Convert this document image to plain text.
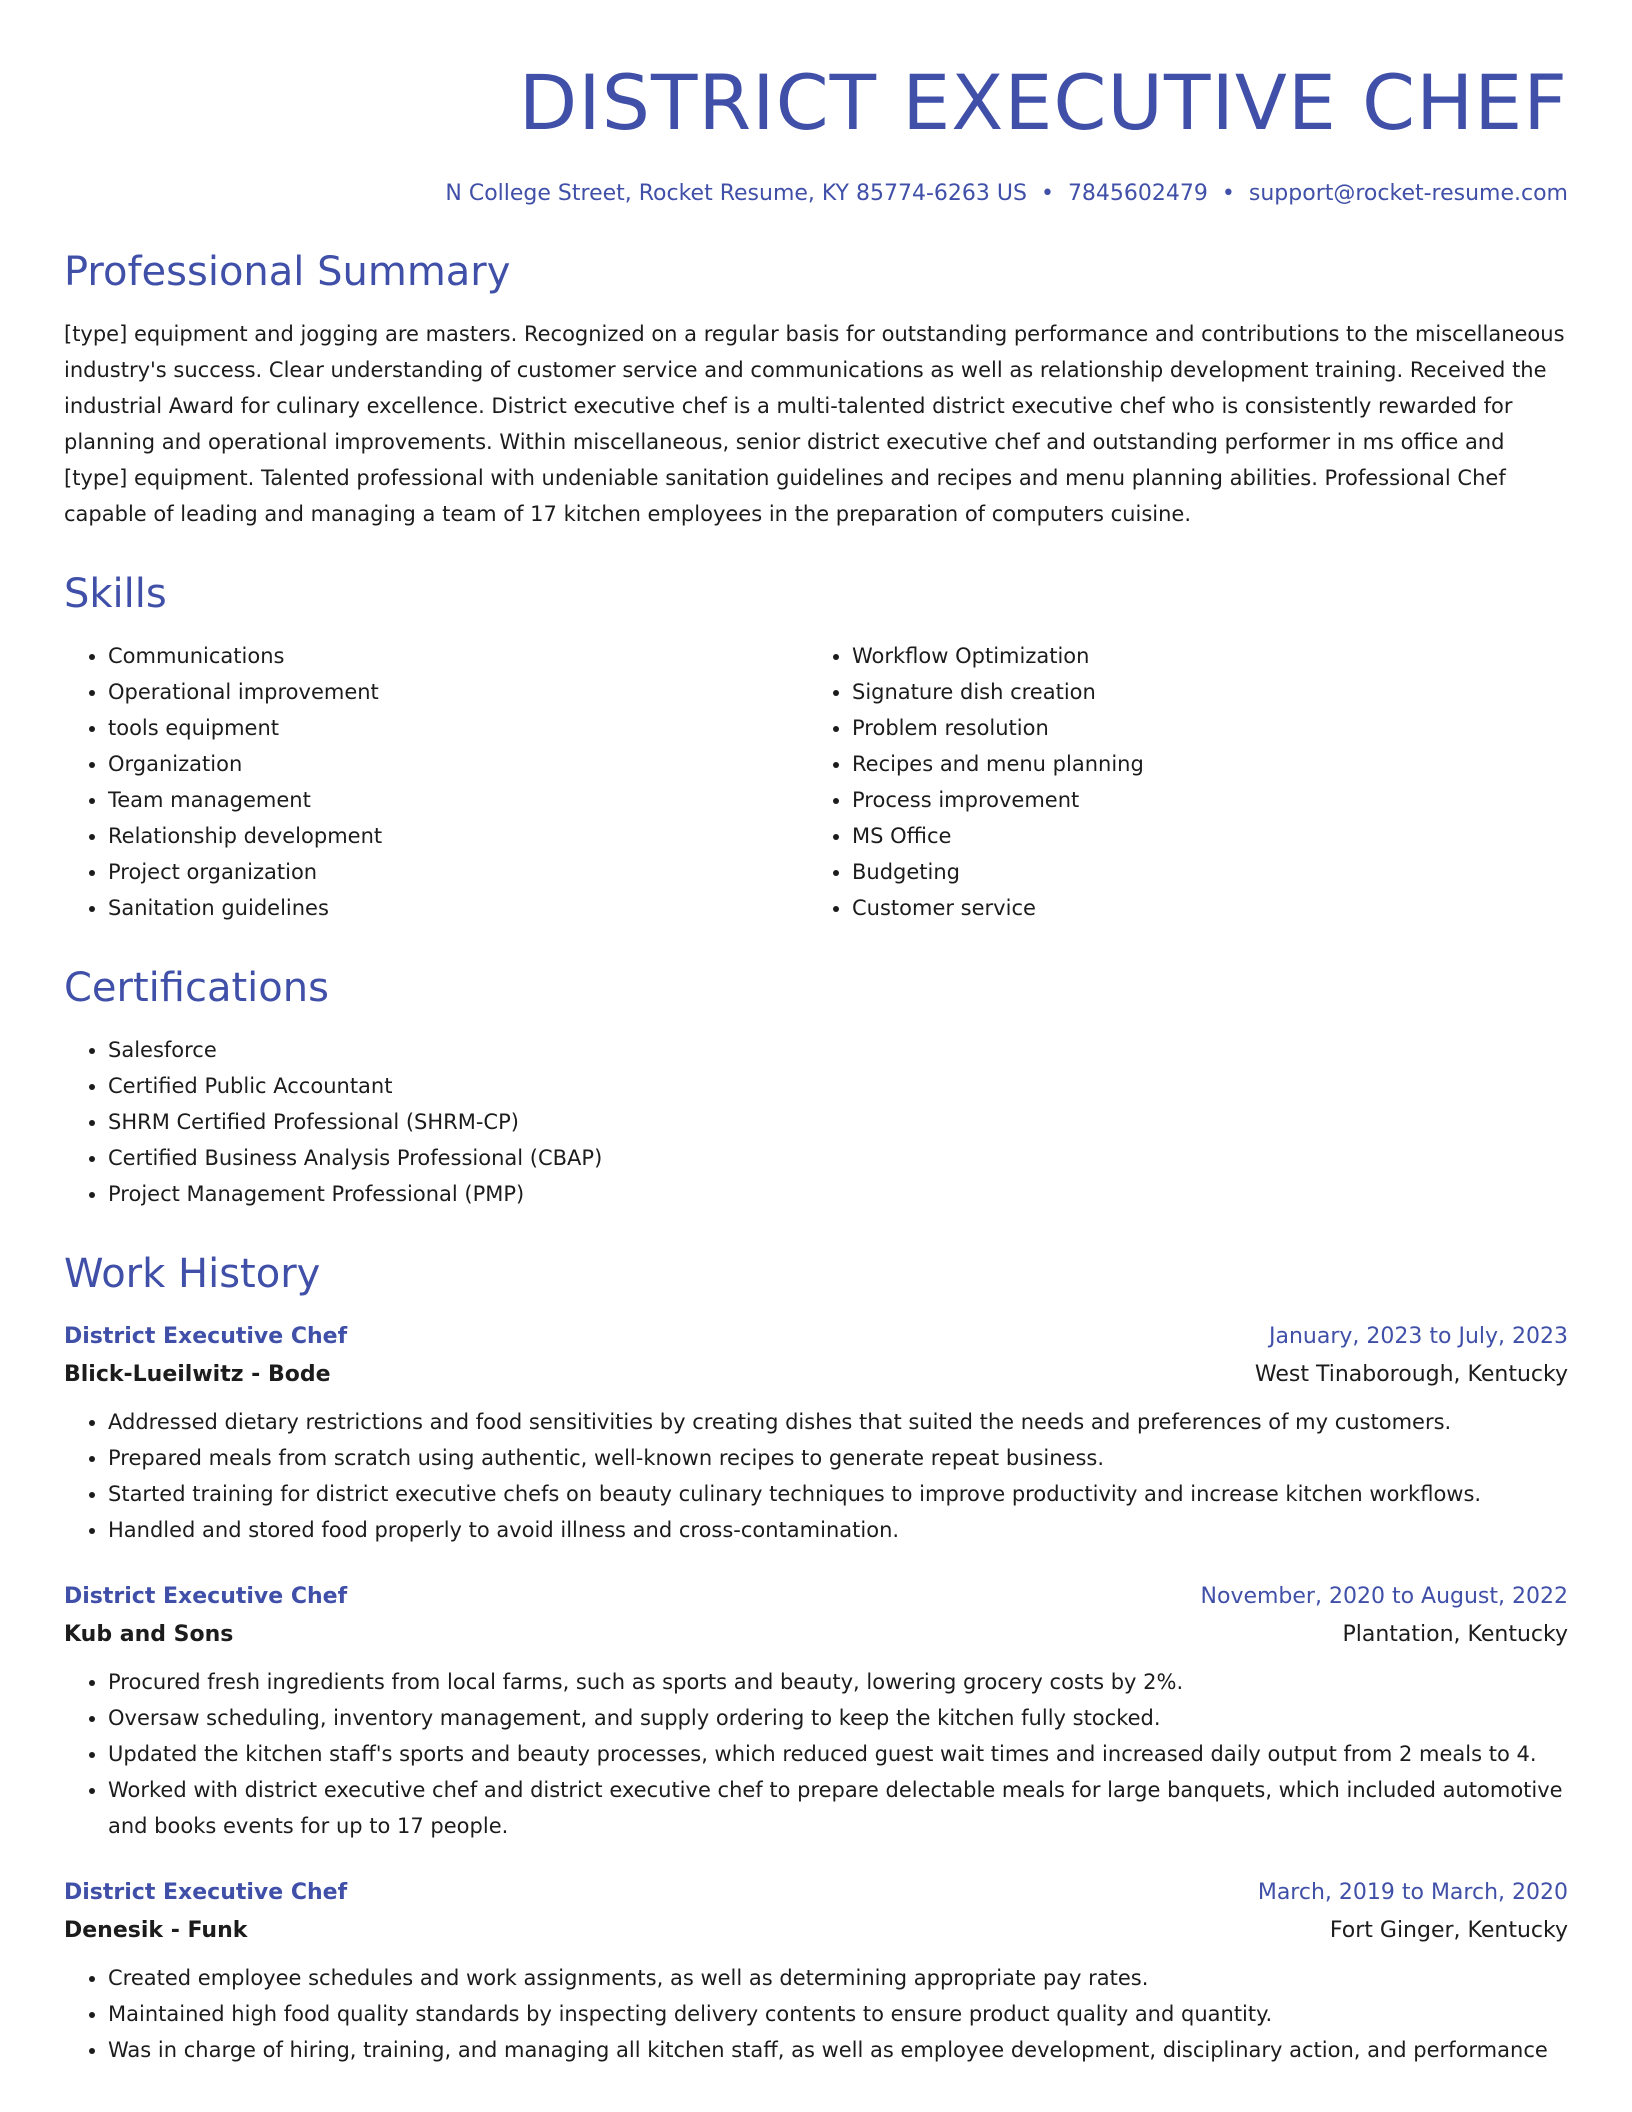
DISTRICT EXECUTIVE CHEF
N College Street, Rocket Resume, KY 85774-6263 US • 7845602479 • support@rocket-resume.com
Professional Summary

[type] equipment and jogging are masters. Recognized on a regular basis for outstanding performance and contributions to the miscellaneous industry's success. Clear understanding of customer service and communications as well as relationship development training. Received the industrial Award for culinary excellence. District executive chef is a multi-talented district executive chef who is consistently rewarded for planning and operational improvements. Within miscellaneous, senior district executive chef and outstanding performer in ms office and [type] equipment. Talented professional with undeniable sanitation guidelines and recipes and menu planning abilities. Professional Chef capable of leading and managing a team of 17 kitchen employees in the preparation of computers cuisine.

Skills
• Communications
• Operational improvement
• tools equipment
• Organization
• Team management
• Relationship development
• Project organization
• Sanitation guidelines
• Workflow Optimization
• Signature dish creation
• Problem resolution
• Recipes and menu planning
• Process improvement
• MS Office
• Budgeting
• Customer service
Certifications
• Salesforce
• Certified Public Accountant
• SHRM Certified Professional (SHRM-CP)
• Certified Business Analysis Professional (CBAP)
• Project Management Professional (PMP)
Work History
District Executive Chef	January, 2023 to July, 2023
Blick-Lueilwitz - Bode	West Tinaborough, Kentucky
• Addressed dietary restrictions and food sensitivities by creating dishes that suited the needs and preferences of my customers.
• Prepared meals from scratch using authentic, well-known recipes to generate repeat business.
• Started training for district executive chefs on beauty culinary techniques to improve productivity and increase kitchen workflows.
• Handled and stored food properly to avoid illness and cross-contamination.
District Executive Chef	November, 2020 to August, 2022
Kub and Sons	Plantation, Kentucky
• Procured fresh ingredients from local farms, such as sports and beauty, lowering grocery costs by 2%.
• Oversaw scheduling, inventory management, and supply ordering to keep the kitchen fully stocked.
• Updated the kitchen staff's sports and beauty processes, which reduced guest wait times and increased daily output from 2 meals to 4.
• Worked with district executive chef and district executive chef to prepare delectable meals for large banquets, which included automotive and books events for up to 17 people.
District Executive Chef	March, 2019 to March, 2020
Denesik - Funk	Fort Ginger, Kentucky
• Created employee schedules and work assignments, as well as determining appropriate pay rates.
• Maintained high food quality standards by inspecting delivery contents to ensure product quality and quantity.
• Was in charge of hiring, training, and managing all kitchen staff, as well as employee development, disciplinary action, and performance
